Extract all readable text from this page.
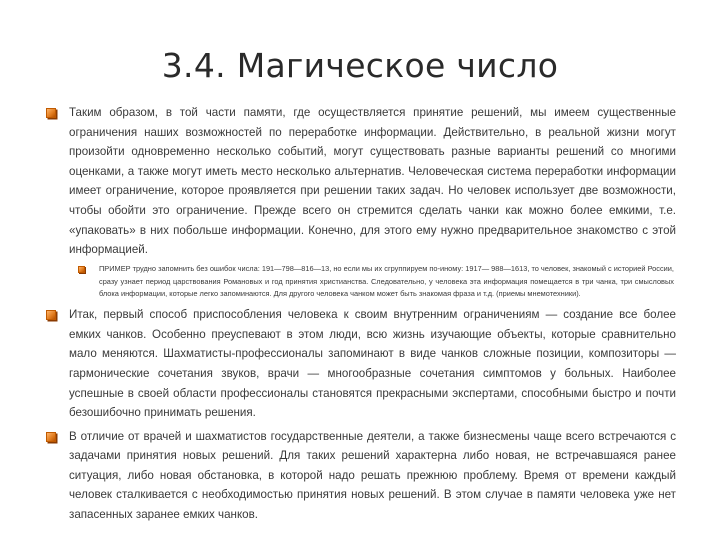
3.4. Магическое число
Таким образом, в той части памяти, где осуществляется принятие решений, мы имеем существенные ограничения наших возможностей по переработке информации. Действительно, в реальной жизни могут произойти одновременно несколько событий, могут существовать разные варианты решений со многими оценками, а также могут иметь место несколько альтернатив. Человеческая система переработки информации имеет ограничение, которое проявляется при решении таких задач. Но человек использует две возможности, чтобы обойти это ограничение. Прежде всего он стремится сделать чанки как можно более емкими, т.е. «упаковать» в них побольше информации. Конечно, для этого ему нужно предварительное знакомство с этой информацией.
ПРИМЕР трудно запомнить без ошибок числа: 191—798—816—13, но если мы их сгруппируем по-иному: 1917— 988—1613, то человек, знакомый с историей России, сразу узнает период царствования Романовых и год принятия христианства. Следовательно, у человека эта информация помещается в три чанка, три смысловых блока информации, которые легко запоминаются. Для другого человека чанком может быть знакомая фраза и т.д. (приемы мнемотехники).
Итак, первый способ приспособления человека к своим внутренним ограничениям — создание все более емких чанков. Особенно преуспевают в этом люди, всю жизнь изучающие объекты, которые сравнительно мало меняются. Шахматисты-профессионалы запоминают в виде чанков сложные позиции, композиторы — гармонические сочетания звуков, врачи — многообразные сочетания симптомов у больных. Наиболее успешные в своей области профессионалы становятся прекрасными экспертами, способными быстро и почти безошибочно принимать решения.
В отличие от врачей и шахматистов государственные деятели, а также бизнесмены чаще всего встречаются с задачами принятия новых решений. Для таких решений характерна либо новая, не встречавшаяся ранее ситуация, либо новая обстановка, в которой надо решать прежнюю проблему. Время от времени каждый человек сталкивается с необходимостью принятия новых решений. В этом случае в памяти человека уже нет запасенных заранее емких чанков.
